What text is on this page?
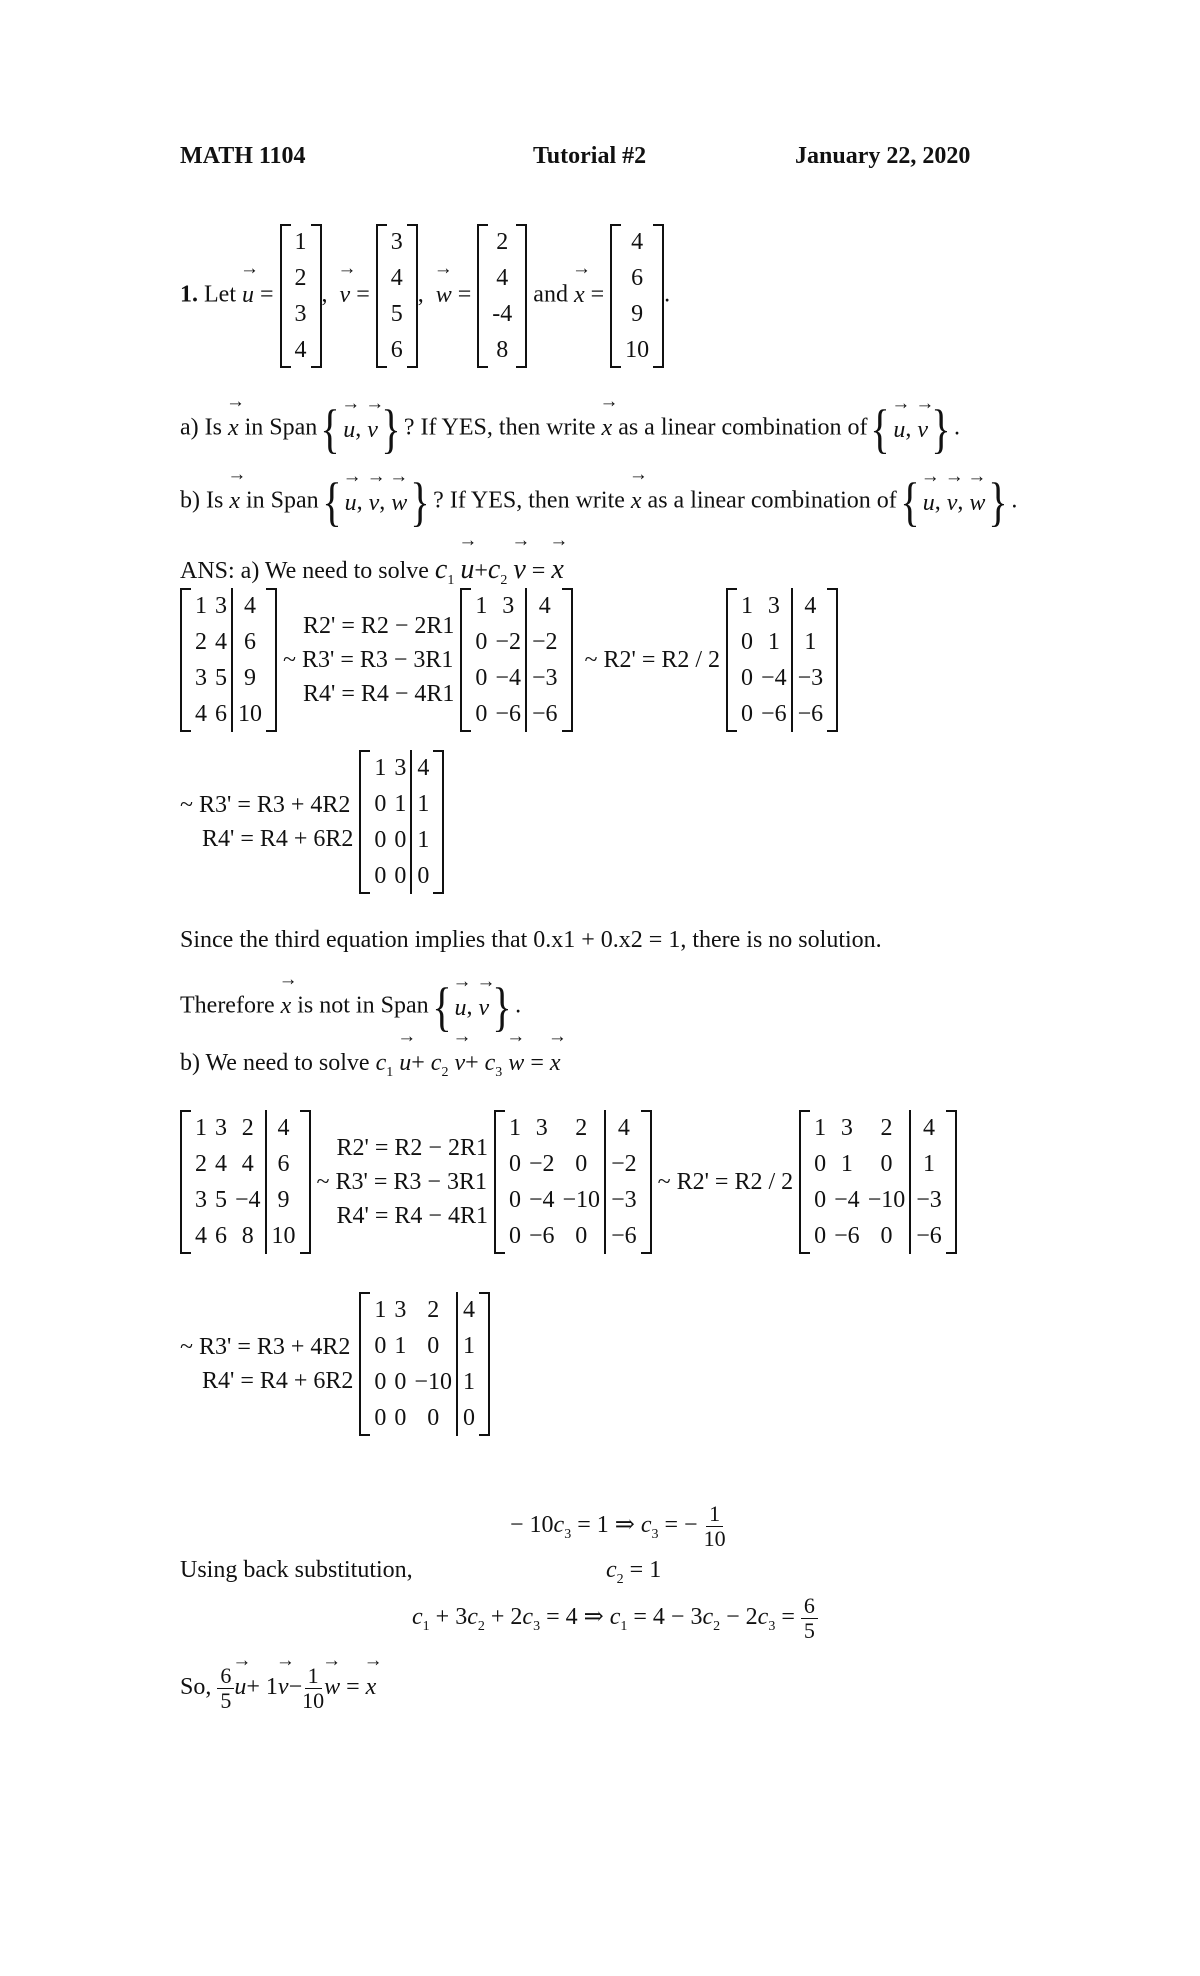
MATH 1104	Tutorial #2	January 22, 2020
1. Let → u =
1
2
3
4
,  → v =
3
4
5
6
,  → w =
2
4
-4
8
and → x =
4
6
9
10
.
a) Is → x in Span { → u , → v } ? If YES, then write → x as a linear combination of { → u , → v } .
b) Is → x in Span { → u , → v , → w } ? If YES, then write → x as a linear combination of { → u , → v , → w } .
ANS: a) We need to solve $c_1 \to u+c_2 \to v$ = → x
1	3	4
2	4	6
3	5	9
4	6	10

R2' = R2 − 2R1
~ R3' = R3 − 3R1
R4' = R4 − 4R1

1	3	4
0	−2	−2
0	−4	−3
0	−6	−6
~ R2' = R2 / 2
1	3	4
0	1	1
0	−4	−3
0	−6	−6
~ R3' = R3 + 4R2
R4' = R4 + 6R2

1	3	4
0	1	1
0	0	1
0	0	0
Since the third equation implies that 0.x1 + 0.x2 = 1, there is no solution.
Therefore → x is not in Span { → u , → v } .
b) We need to solve $c_1 \to u+ c_2 \to v+ c_3 \to w$ = → x
1	3	2	4
2	4	4	6
3	5	−4	9
4	6	8	10

R2' = R2 − 2R1
~ R3' = R3 − 3R1
R4' = R4 − 4R1

1	3	2	4
0	−2	0	−2
0	−4	−10	−3
0	−6	0	−6
~ R2' = R2 / 2
1	3	2	4
0	1	0	1
0	−4	−10	−3
0	−6	0	−6
~ R3' = R3 + 4R2
R4' = R4 + 6R2

1	3	2	4
0	1	0	1
0	0	−10	1
0	0	0	0
− $10c_3 = 1$ ⇒ $c_3$ = − $\frac{1}{10}$
Using back substitution,	$c_2 = 1$
$c_1 + 3c_2 + 2c_3 = 4$ ⇒ $c_1 = 4 - 3c_2 - 2c_3 = \frac{6}{5}$
So, $\frac{6}{5} \to u+ 1\to v- \frac{1}{10} \to w$ = → x
